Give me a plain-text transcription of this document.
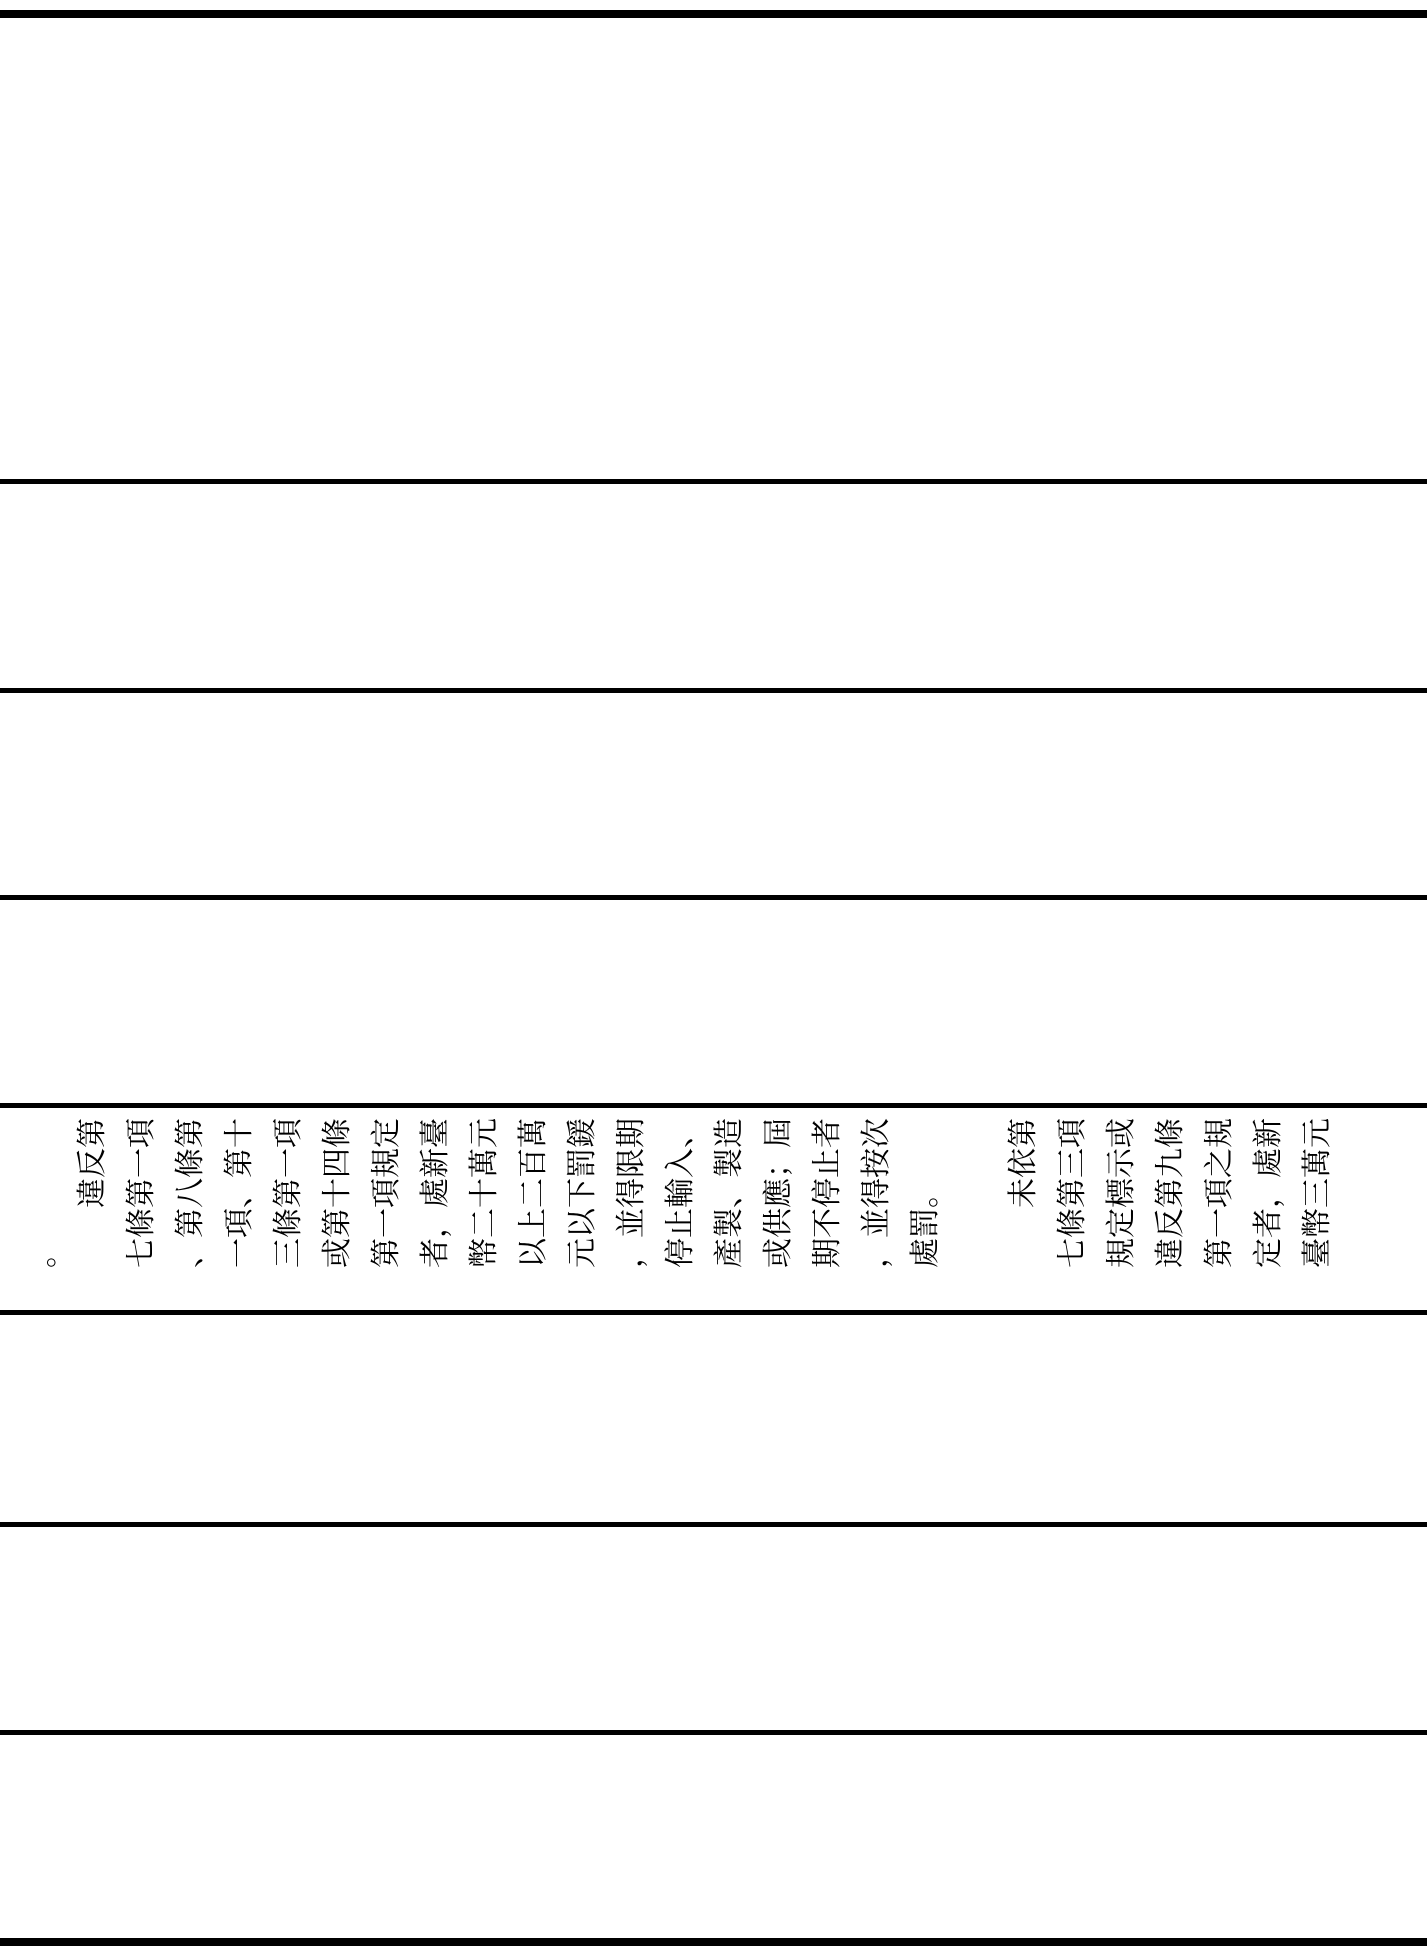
。 　　違反第 七條第一項 、第八條第 一項、第十 三條第一項 或第十四條 第一項規定 者，處新臺 幣二十萬元 以上二百萬 元以下罰鍰 ，並得限期 停止輸入、 產製、製造 或供應；屆 期不停止者 ，並得按次 處罰。	　　未依第 七條第三項 規定標示或 違反第九條 第一項之規 定者，處新 臺幣三萬元
